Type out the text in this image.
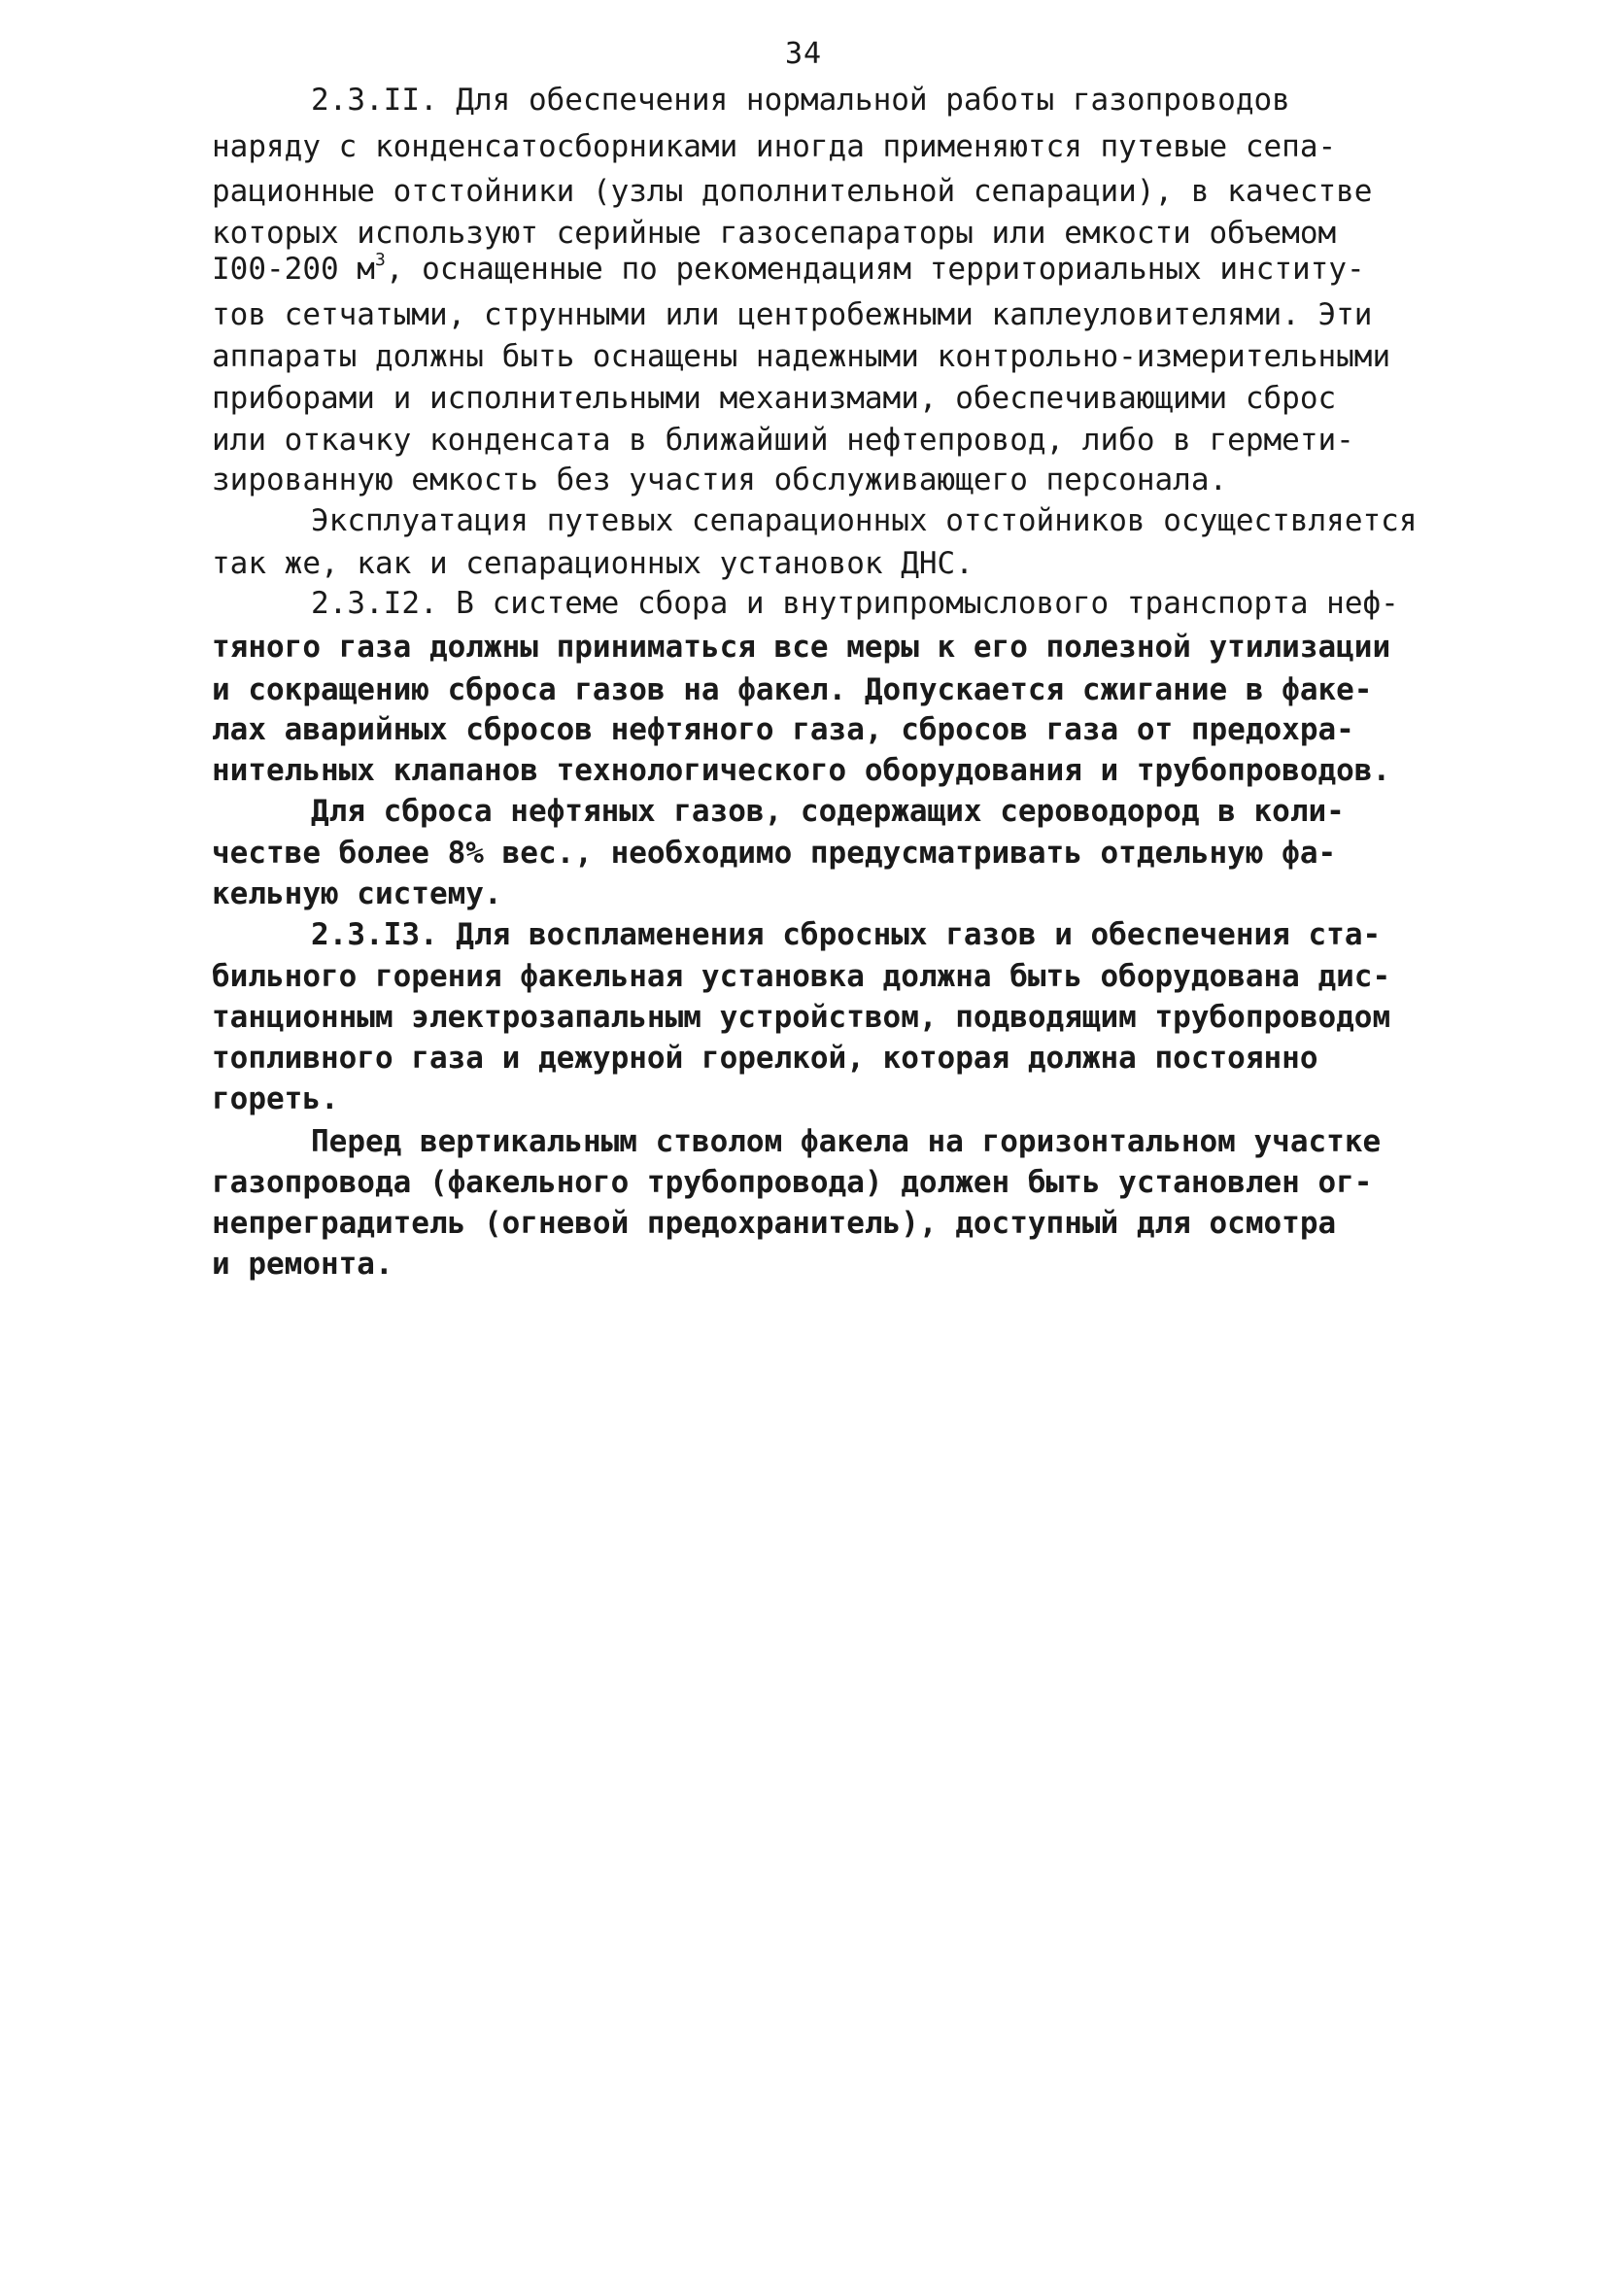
34
2.3.II. Для обеспечения нормальной работы газопроводов
наряду с конденсатосборниками иногда применяются путевые сепа-
рационные отстойники (узлы дополнительной сепарации), в качестве
которых используют серийные газосепараторы или емкости объемом
I00-200 $м^3$, оснащенные по рекомендациям территориальных институ-
тов сетчатыми, струнными или центробежными каплеуловителями. Эти
аппараты должны быть оснащены надежными контрольно-измерительными
приборами и исполнительными механизмами, обеспечивающими сброс
или откачку конденсата в ближайший нефтепровод, либо в гермети-
зированную емкость без участия обслуживающего персонала.
Эксплуатация путевых сепарационных отстойников осуществляется
так же, как и сепарационных установок ДНС.
2.3.I2. В системе сбора и внутрипромыслового транспорта неф-
тяного газа должны приниматься все меры к его полезной утилизации
и сокращению сброса газов на факел. Допускается сжигание в факе-
лах аварийных сбросов нефтяного газа, сбросов газа от предохра-
нительных клапанов технологического оборудования и трубопроводов.
Для сброса нефтяных газов, содержащих сероводород в коли-
честве более 8% вес., необходимо предусматривать отдельную фа-
кельную систему.
2.3.I3. Для воспламенения сбросных газов и обеспечения ста-
бильного горения факельная установка должна быть оборудована дис-
танционным электрозапальным устройством, подводящим трубопроводом
топливного газа и дежурной горелкой, которая должна постоянно
гореть.
Перед вертикальным стволом факела на горизонтальном участке
газопровода (факельного трубопровода) должен быть установлен ог-
непреградитель (огневой предохранитель), доступный для осмотра
и ремонта.
